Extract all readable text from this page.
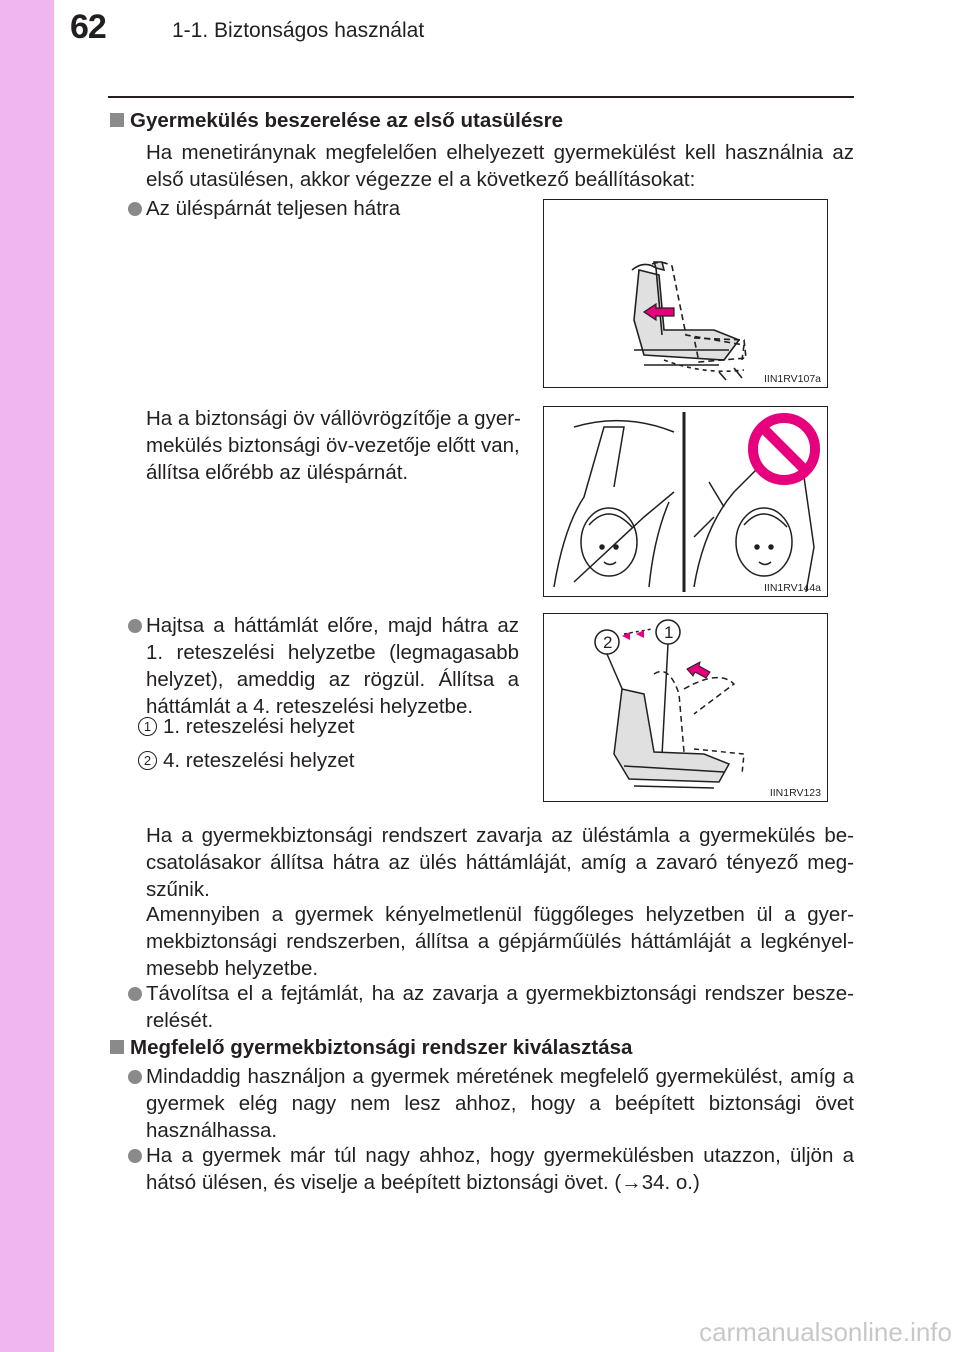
62	1-1. Biztonságos használat
Gyermekülés beszerelése az első utasülésre
Ha menetiránynak megfelelően elhelyezett gyermekülést kell használnia az első utasülésen, akkor végezze el a következő beállításokat:
Az üléspárnát teljesen hátra
IIN1RV107a
Ha a biztonsági öv vállövrögzítője a gyer-mekülés biztonsági öv-vezetője előtt van, állítsa előrébb az üléspárnát.
IIN1RV144a
Hajtsa a háttámlát előre, majd hátra az 1. reteszelési helyzetbe (legmagasabb helyzet), ameddig az rögzül. Állítsa a háttámlát a 4. reteszelési helyzetbe.
1 1. reteszelési helyzet
2 4. reteszelési helyzet
2
1
IIN1RV123
Ha a gyermekbiztonsági rendszert zavarja az üléstámla a gyermekülés be-csatolásakor állítsa hátra az ülés háttámláját, amíg a zavaró tényező meg-szűnik.
Amennyiben a gyermek kényelmetlenül függőleges helyzetben ül a gyer-mekbiztonsági rendszerben, állítsa a gépjárműülés háttámláját a legkényel-mesebb helyzetbe.
Távolítsa el a fejtámlát, ha az zavarja a gyermekbiztonsági rendszer besze-relését.
Megfelelő gyermekbiztonsági rendszer kiválasztása
Mindaddig használjon a gyermek méretének megfelelő gyermekülést, amíg a gyermek elég nagy nem lesz ahhoz, hogy a beépített biztonsági övet használhassa.
Ha a gyermek már túl nagy ahhoz, hogy gyermekülésben utazzon, üljön a hátsó ülésen, és viselje a beépített biztonsági övet. (→34. o.)
carmanualsonline.info
